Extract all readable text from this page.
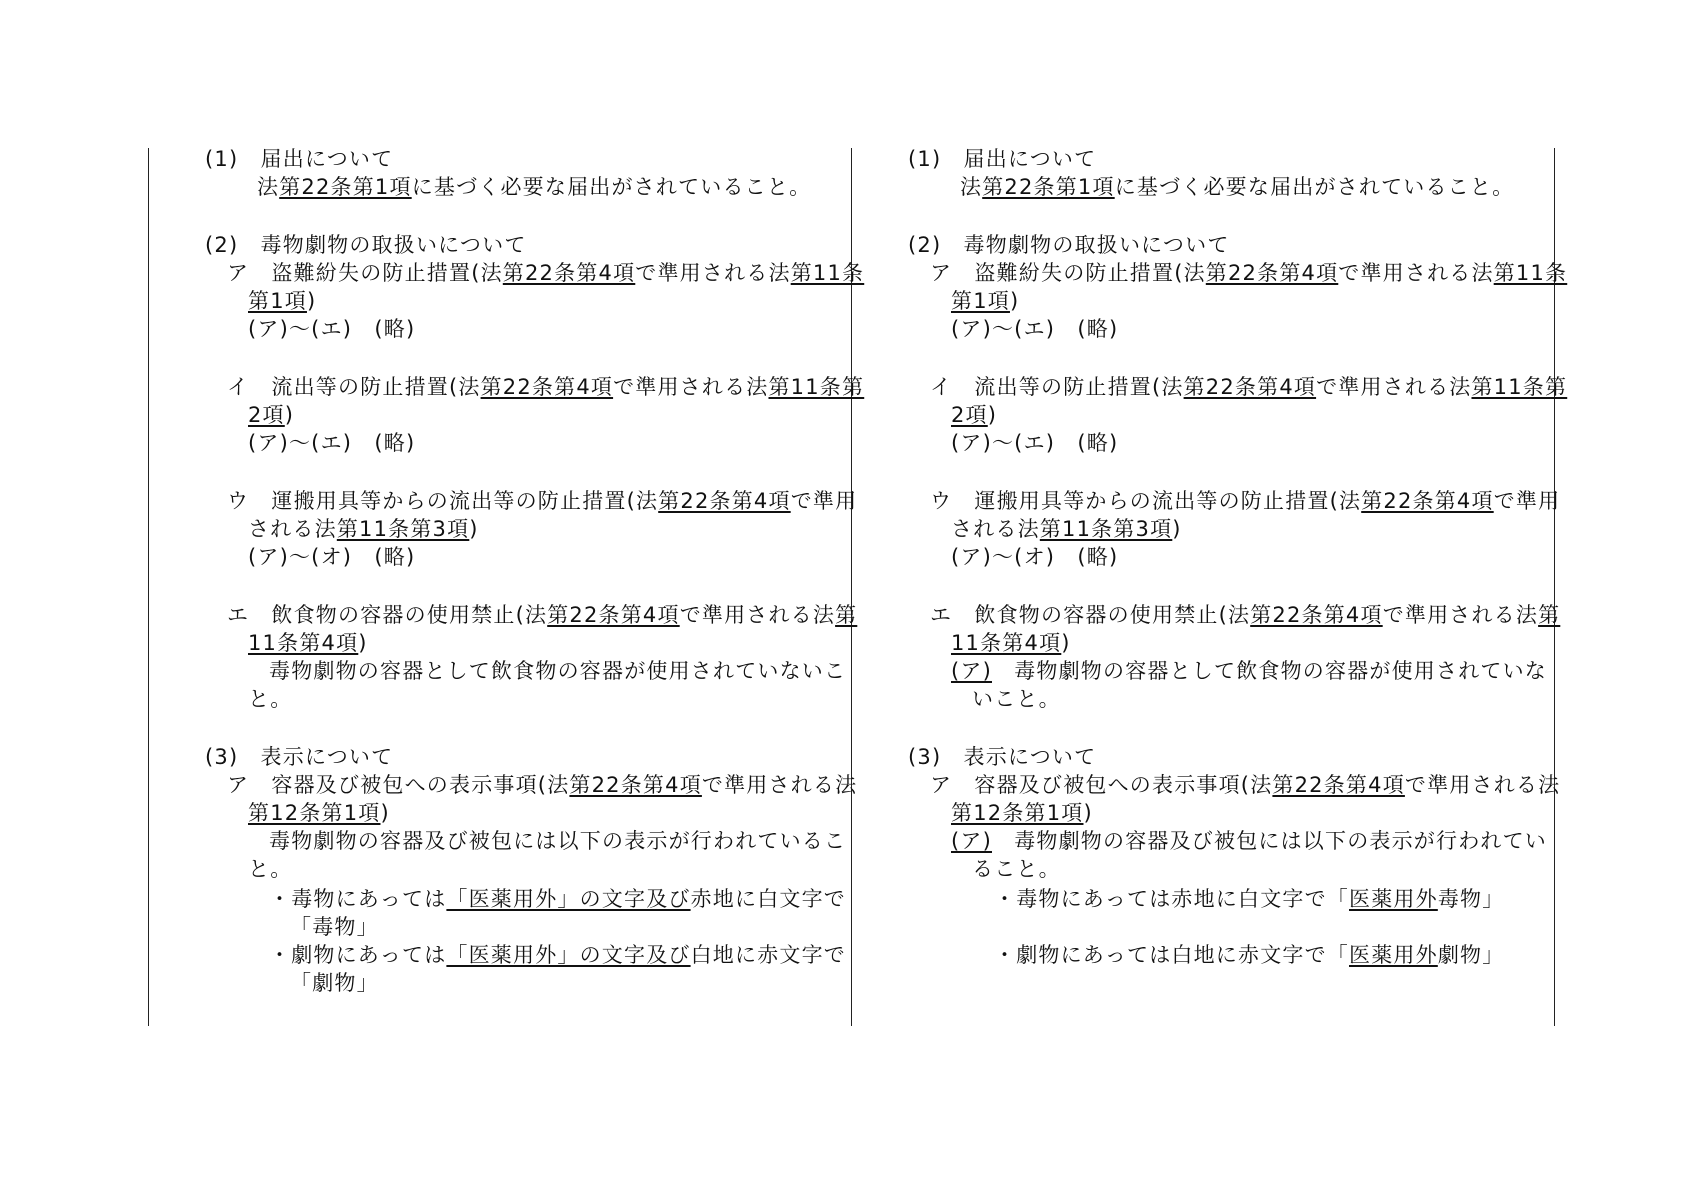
(1)　届出について
法第22条第1項に基づく必要な届出がされていること。
(2)　毒物劇物の取扱いについて
ア　盗難紛失の防止措置(法第22条第4項で準用される法第11条
第1項)
(ア)～(エ)　(略)
イ　流出等の防止措置(法第22条第4項で準用される法第11条第
2項)
(ア)～(エ)　(略)
ウ　運搬用具等からの流出等の防止措置(法第22条第4項で準用
される法第11条第3項)
(ア)～(オ)　(略)
エ　飲食物の容器の使用禁止(法第22条第4項で準用される法第
11条第4項)
毒物劇物の容器として飲食物の容器が使用されていないこ
と。
(3)　表示について
ア　容器及び被包への表示事項(法第22条第4項で準用される法
第12条第1項)
毒物劇物の容器及び被包には以下の表示が行われているこ
と。
・毒物にあっては「医薬用外」の文字及び赤地に白文字で
「毒物」
・劇物にあっては「医薬用外」の文字及び白地に赤文字で
「劇物」
(1)　届出について
法第22条第1項に基づく必要な届出がされていること。
(2)　毒物劇物の取扱いについて
ア　盗難紛失の防止措置(法第22条第4項で準用される法第11条
第1項)
(ア)～(エ)　(略)
イ　流出等の防止措置(法第22条第4項で準用される法第11条第
2項)
(ア)～(エ)　(略)
ウ　運搬用具等からの流出等の防止措置(法第22条第4項で準用
される法第11条第3項)
(ア)～(オ)　(略)
エ　飲食物の容器の使用禁止(法第22条第4項で準用される法第
11条第4項)
(ア)　毒物劇物の容器として飲食物の容器が使用されていな
いこと。
(3)　表示について
ア　容器及び被包への表示事項(法第22条第4項で準用される法
第12条第1項)
(ア)　毒物劇物の容器及び被包には以下の表示が行われてい
ること。
・毒物にあっては赤地に白文字で「医薬用外毒物」
・劇物にあっては白地に赤文字で「医薬用外劇物」
